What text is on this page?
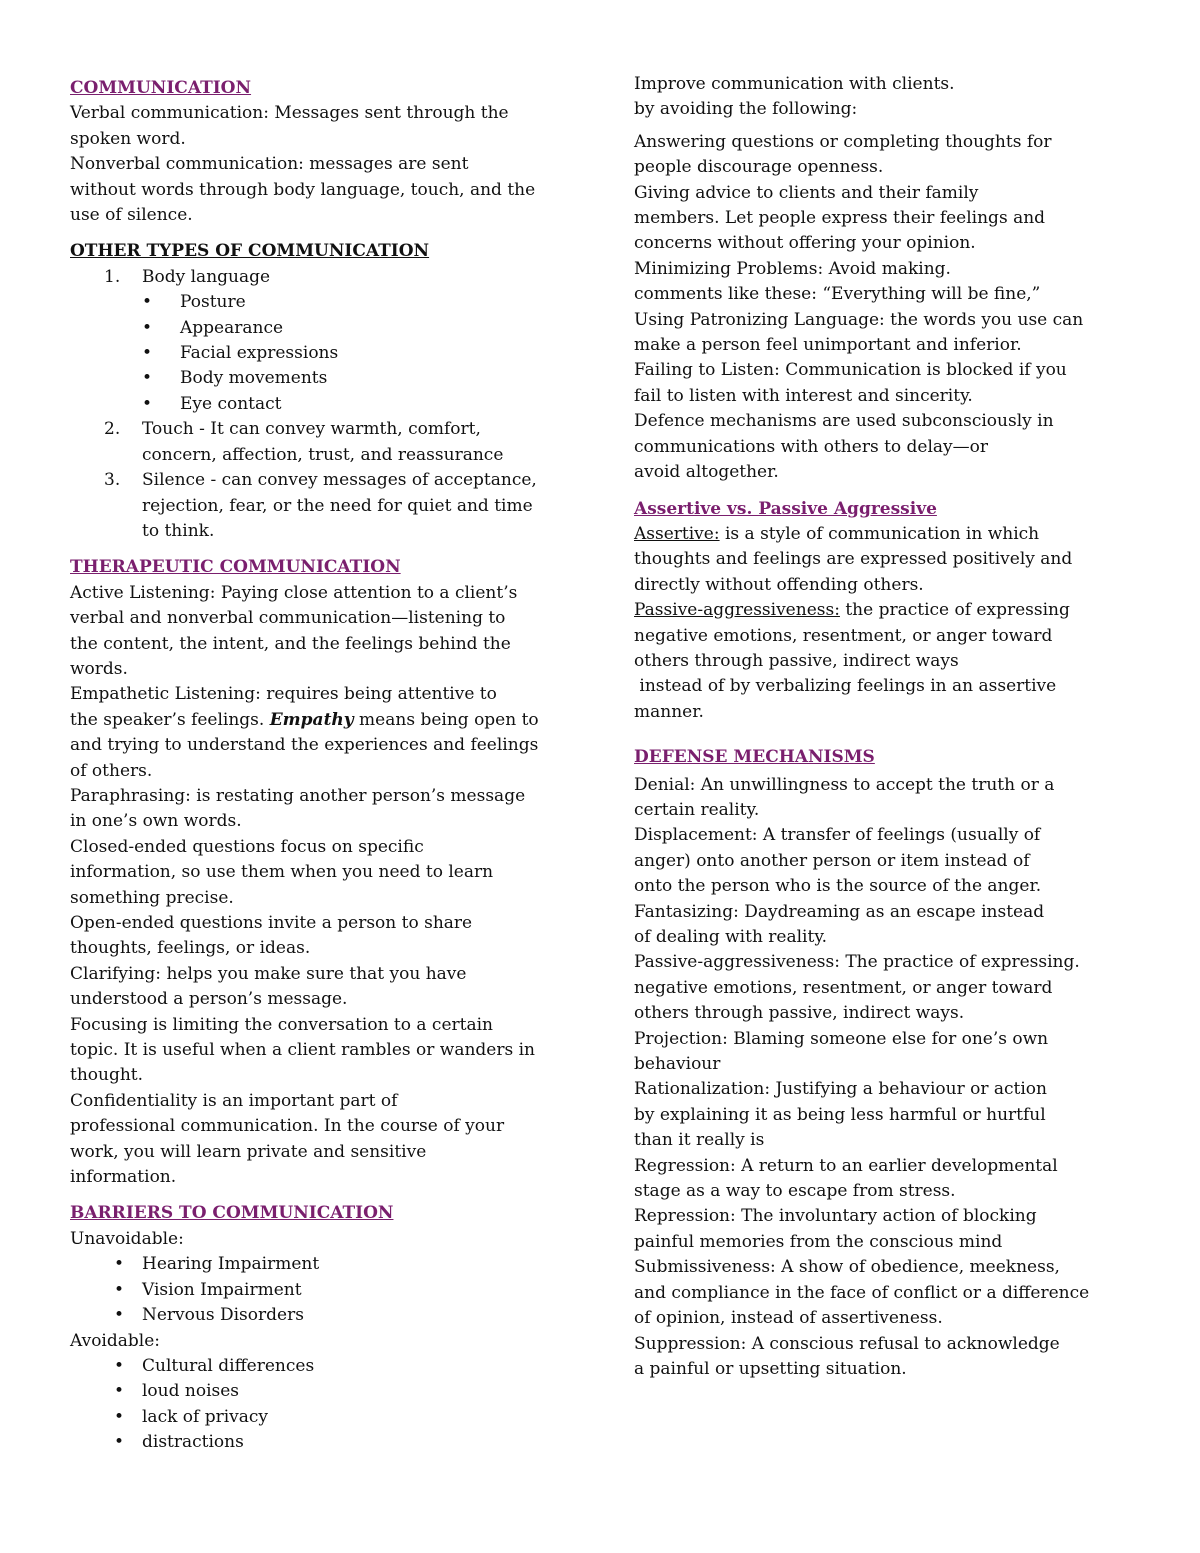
COMMUNICATION
Verbal communication: Messages sent through the
spoken word.
Nonverbal communication: messages are sent
without words through body language, touch, and the
use of silence.
OTHER TYPES OF COMMUNICATION
1. Body language
• Posture
• Appearance
• Facial expressions
• Body movements
• Eye contact
2. Touch - It can convey warmth, comfort,
concern, affection, trust, and reassurance
3. Silence - can convey messages of acceptance,
rejection, fear, or the need for quiet and time
to think.
THERAPEUTIC COMMUNICATION
Active Listening: Paying close attention to a client’s
verbal and nonverbal communication—listening to
the content, the intent, and the feelings behind the
words.
Empathetic Listening: requires being attentive to
the speaker’s feelings. Empathy means being open to
and trying to understand the experiences and feelings
of others.
Paraphrasing: is restating another person’s message
in one’s own words.
Closed-ended questions focus on specific
information, so use them when you need to learn
something precise.
Open-ended questions invite a person to share
thoughts, feelings, or ideas.
Clarifying: helps you make sure that you have
understood a person’s message.
Focusing is limiting the conversation to a certain
topic. It is useful when a client rambles or wanders in
thought.
Confidentiality is an important part of
professional communication. In the course of your
work, you will learn private and sensitive
information.
BARRIERS TO COMMUNICATION
Unavoidable:
• Hearing Impairment
• Vision Impairment
• Nervous Disorders
Avoidable:
• Cultural differences
• loud noises
• lack of privacy
• distractions
Improve communication with clients.
by avoiding the following:
Answering questions or completing thoughts for
people discourage openness.
Giving advice to clients and their family
members. Let people express their feelings and
concerns without offering your opinion.
Minimizing Problems: Avoid making.
comments like these: “Everything will be fine,”
Using Patronizing Language: the words you use can
make a person feel unimportant and inferior.
Failing to Listen: Communication is blocked if you
fail to listen with interest and sincerity.
Defence mechanisms are used subconsciously in
communications with others to delay—or
avoid altogether.
Assertive vs. Passive Aggressive
Assertive: is a style of communication in which
thoughts and feelings are expressed positively and
directly without offending others.
Passive-aggressiveness: the practice of expressing
negative emotions, resentment, or anger toward
others through passive, indirect ways
instead of by verbalizing feelings in an assertive
manner.
DEFENSE MECHANISMS
Denial: An unwillingness to accept the truth or a
certain reality.
Displacement: A transfer of feelings (usually of
anger) onto another person or item instead of
onto the person who is the source of the anger.
Fantasizing: Daydreaming as an escape instead
of dealing with reality.
Passive-aggressiveness: The practice of expressing.
negative emotions, resentment, or anger toward
others through passive, indirect ways.
Projection: Blaming someone else for one’s own
behaviour
Rationalization: Justifying a behaviour or action
by explaining it as being less harmful or hurtful
than it really is
Regression: A return to an earlier developmental
stage as a way to escape from stress.
Repression: The involuntary action of blocking
painful memories from the conscious mind
Submissiveness: A show of obedience, meekness,
and compliance in the face of conflict or a difference
of opinion, instead of assertiveness.
Suppression: A conscious refusal to acknowledge
a painful or upsetting situation.
